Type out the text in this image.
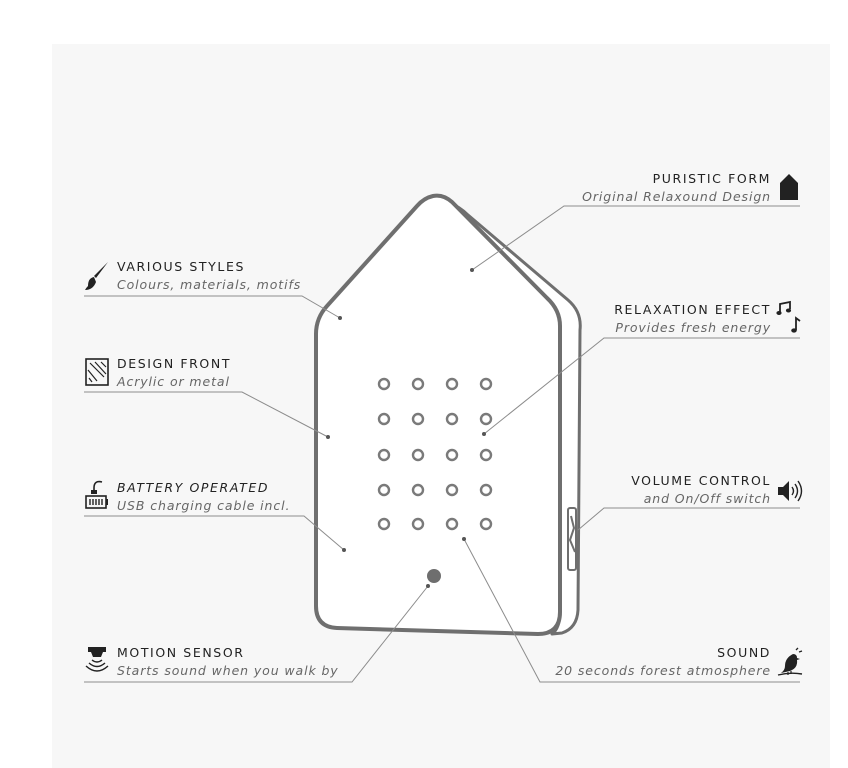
PURISTIC FORM
Original Relaxound Design
VARIOUS STYLES
Colours, materials, motifs
RELAXATION EFFECT
Provides fresh energy
DESIGN FRONT
Acrylic or metal
BATTERY OPERATED
USB charging cable incl.
VOLUME CONTROL
and On/Off switch
MOTION SENSOR
Starts sound when you walk by
SOUND
20 seconds forest atmosphere
